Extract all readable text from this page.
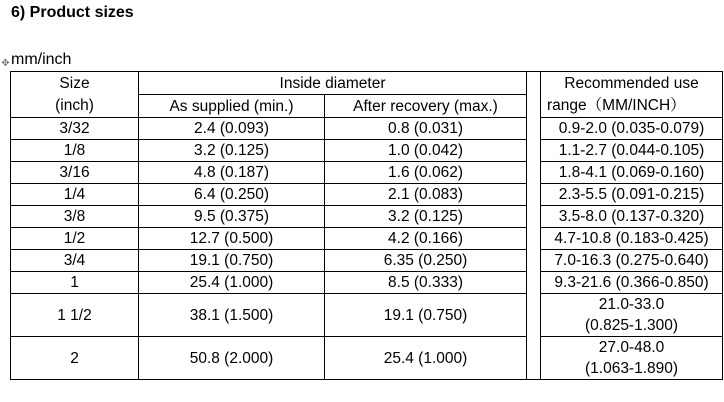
6) Product sizes
✥ mm/inch
Size	Inside diameter			Recommended use
(inch)	As supplied (min.)	After recovery (max.)		range（MM/INCH）
3/32	2.4 (0.093)	0.8 (0.031)		0.9-2.0 (0.035-0.079)
1/8	3.2 (0.125)	1.0 (0.042)		1.1-2.7 (0.044-0.105)
3/16	4.8 (0.187)	1.6 (0.062)		1.8-4.1 (0.069-0.160)
1/4	6.4 (0.250)	2.1 (0.083)		2.3-5.5 (0.091-0.215)
3/8	9.5 (0.375)	3.2 (0.125)		3.5-8.0 (0.137-0.320)
1/2	12.7 (0.500)	4.2 (0.166)		4.7-10.8 (0.183-0.425)
3/4	19.1 (0.750)	6.35 (0.250)		7.0-16.3 (0.275-0.640)
1	25.4 (1.000)	8.5 (0.333)		9.3-21.6 (0.366-0.850)
1 1/2	38.1 (1.500)	19.1 (0.750)		21.0-33.0
(0.825-1.300)

2	50.8 (2.000)	25.4 (1.000)		27.0-48.0
(1.063-1.890)
